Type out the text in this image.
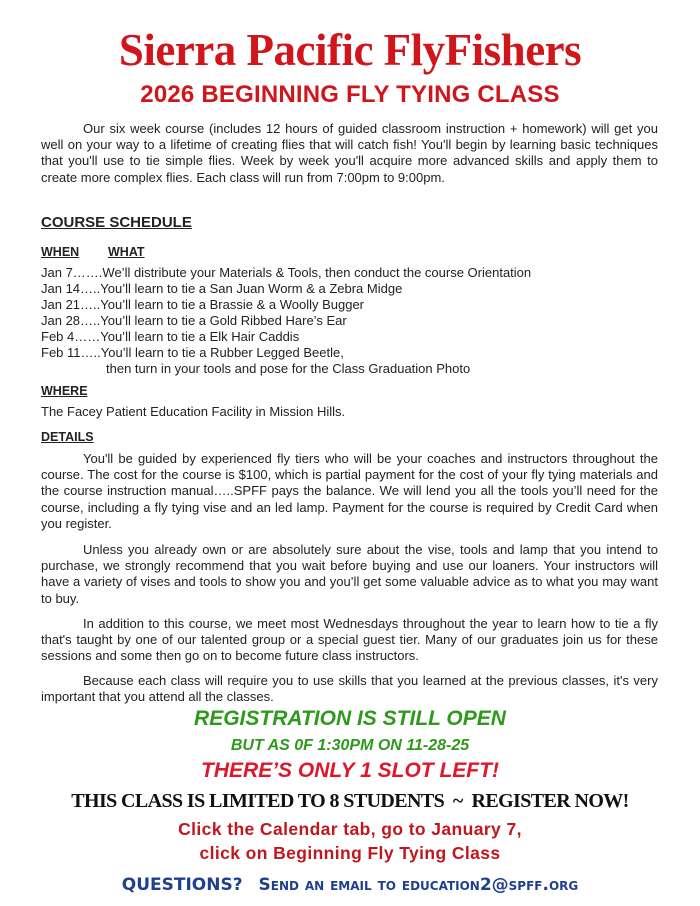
Sierra Pacific FlyFishers
2026 BEGINNING FLY TYING CLASS

Our six week course (includes 12 hours of guided classroom instruction + homework) will get you well on your way to a lifetime of creating flies that will catch fish! You'll begin by learning basic techniques that you'll use to tie simple flies. Week by week you'll acquire more advanced skills and apply them to create more complex flies. Each class will run from 7:00pm to 9:00pm.

COURSE SCHEDULE
WHEN WHAT
Jan 7…….We’ll distribute your Materials & Tools, then conduct the course Orientation
Jan 14…..You’ll learn to tie a San Juan Worm & a Zebra Midge
Jan 21…..You’ll learn to tie a Brassie & a Woolly Bugger
Jan 28…..You’ll learn to tie a Gold Ribbed Hare’s Ear
Feb 4……You’ll learn to tie a Elk Hair Caddis
Feb 11…..You’ll learn to tie a Rubber Legged Beetle,
then turn in your tools and pose for the Class Graduation Photo
WHERE
The Facey Patient Education Facility in Mission Hills.
DETAILS

You'll be guided by experienced fly tiers who will be your coaches and instructors throughout the course. The cost for the course is $100, which is partial payment for the cost of your fly tying materials and the course instruction manual…..SPFF pays the balance. We will lend you all the tools you’ll need for the course, including a fly tying vise and an led lamp. Payment for the course is required by Credit Card when you register.

Unless you already own or are absolutely sure about the vise, tools and lamp that you intend to purchase, we strongly recommend that you wait before buying and use our loaners. Your instructors will have a variety of vises and tools to show you and you’ll get some valuable advice as to what you may want to buy.

In addition to this course, we meet most Wednesdays throughout the year to learn how to tie a fly that's taught by one of our talented group or a special guest tier. Many of our graduates join us for these sessions and some then go on to become future class instructors.

Because each class will require you to use skills that you learned at the previous classes, it's very important that you attend all the classes.

REGISTRATION IS STILL OPEN
BUT AS 0F 1:30PM ON 11-28-25
THERE’S ONLY 1 SLOT LEFT!
THIS CLASS IS LIMITED TO 8 STUDENTS  ~  REGISTER NOW!
Click the Calendar tab, go to January 7,
click on Beginning Fly Tying Class
QUESTIONS? Send an email to education2@spff.org
